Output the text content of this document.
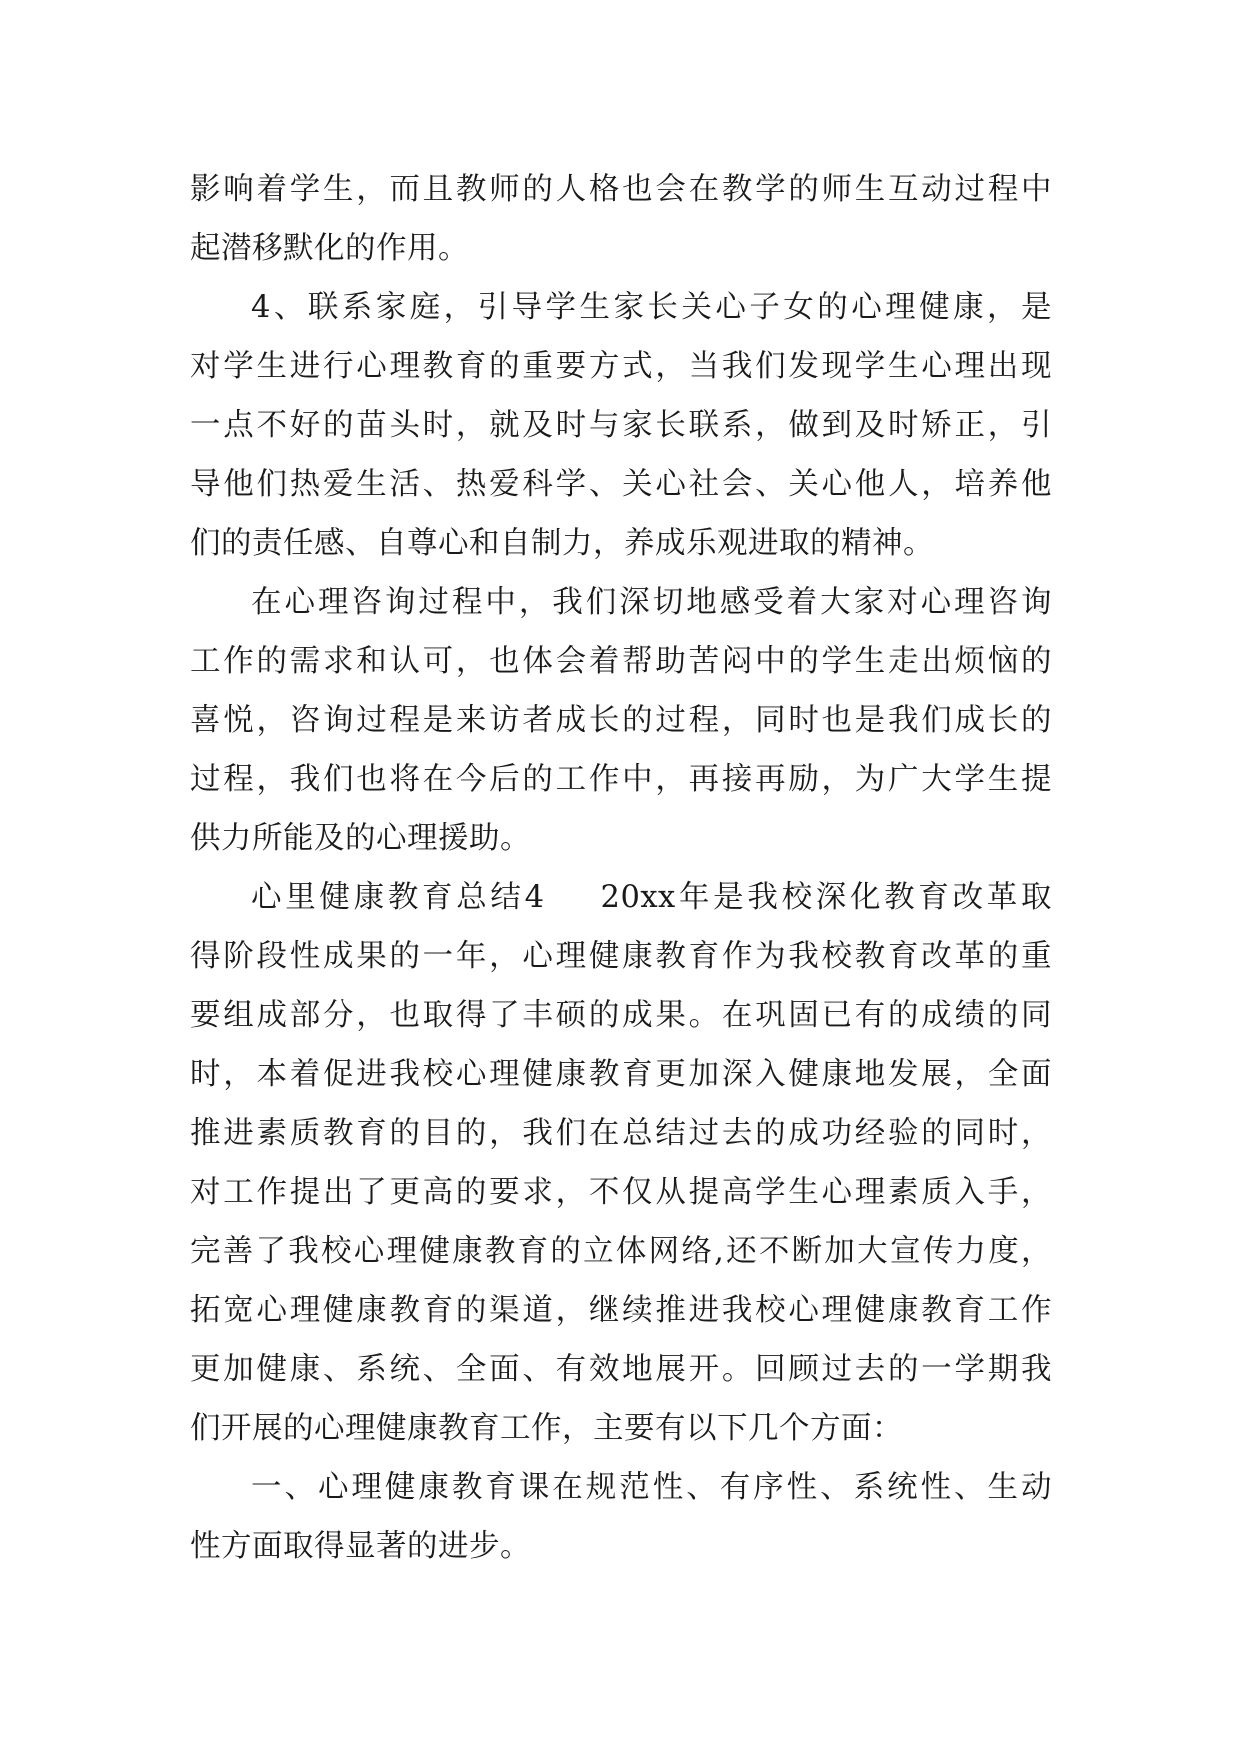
影响着学生，而且教师的人格也会在教学的师生互动过程中
起潜移默化的作用。

4、联系家庭，引导学生家长关心子女的心理健康，是
对学生进行心理教育的重要方式，当我们发现学生心理出现
一点不好的苗头时，就及时与家长联系，做到及时矫正，引
导他们热爱生活、热爱科学、关心社会、关心他人，培养他
们的责任感、自尊心和自制力，养成乐观进取的精神。

在心理咨询过程中，我们深切地感受着大家对心理咨询
工作的需求和认可，也体会着帮助苦闷中的学生走出烦恼的
喜悦，咨询过程是来访者成长的过程，同时也是我们成长的
过程，我们也将在今后的工作中，再接再励，为广大学生提
供力所能及的心理援助。

心里健康教育总结4 20xx年是我校深化教育改革取
得阶段性成果的一年，心理健康教育作为我校教育改革的重
要组成部分，也取得了丰硕的成果。在巩固已有的成绩的同
时，本着促进我校心理健康教育更加深入健康地发展，全面
推进素质教育的目的，我们在总结过去的成功经验的同时，
对工作提出了更高的要求，不仅从提高学生心理素质入手，
完善了我校心理健康教育的立体网络,还不断加大宣传力度，
拓宽心理健康教育的渠道，继续推进我校心理健康教育工作
更加健康、系统、全面、有效地展开。回顾过去的一学期我
们开展的心理健康教育工作，主要有以下几个方面：

一、心理健康教育课在规范性、有序性、系统性、生动
性方面取得显著的进步。
